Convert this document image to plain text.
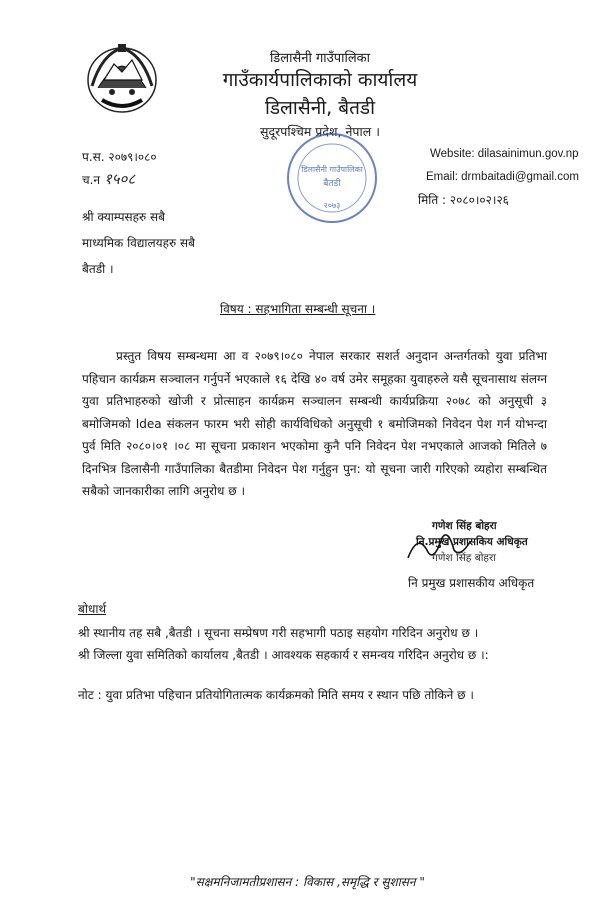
डिलासैनी गाउँपालिका
गाउँकार्यपालिकाको कार्यालय
डिलासैनी, बैतडी
सुदूरपश्चिम प्रदेश, नेपाल ।
प.स. २०७९।०८०
च.न १५०८
Website: dilasainimun.gov.np
Email: drmbaitadi@gmail.com
मिति : २०८०।०२।२६
डिलासैनी गाउँपालिका
बैतडी
२०७३
श्री क्याम्पसहरु सबै
माध्यमिक विद्यालयहरु सबै
बैतडी ।
विषय : सहभागिता सम्बन्धी सूचना ।
प्रस्तुत विषय सम्बन्धमा आ व २०७९।०८० नेपाल सरकार सशर्त अनुदान अन्तर्गतको युवा प्रतिभा पहिचान कार्यक्रम सञ्चालन गर्नुपर्ने भएकाले १६ देखि ४० वर्ष उमेर समूहका युवाहरुले यसै सूचनासाथ संलग्न युवा प्रतिभाहरुको खोजी र प्रोत्साहन कार्यक्रम सञ्चालन सम्बन्धी कार्यप्रक्रिया २०७८ को अनुसूची ३ बमोजिमको Idea संकलन फारम भरी सोही कार्यविधिको अनुसूची १ बमोजिमको निवेदन पेश गर्न योभन्दा पुर्व मिति २०८०।०१ ।०८ मा सूचना प्रकाशन भएकोमा कुनै पनि निवेदन पेश नभएकाले आजको मितिले ७ दिनभित्र डिलासैनी गाउँपालिका बैतडीमा निवेदन पेश गर्नुहुन पुन: यो सूचना जारी गरिएको व्यहोरा सम्बन्धित सबैको जानकारीका लागि अनुरोध छ ।
गणेश सिंह बोहरा
नि.प्रमुख प्रशासकिय अधिकृत
गणेश सिंह बोहरा
नि प्रमुख प्रशासकीय अधिकृत
बोधार्थ
श्री स्थानीय तह सबै ,बैतडी । सूचना सम्प्रेषण गरी सहभागी पठाइ सहयोग गरिदिन अनुरोध छ ।
श्री जिल्ला युवा समितिको कार्यालय ,बैतडी । आवश्यक सहकार्य र समन्वय गरिदिन अनुरोध छ ।:
नोट : युवा प्रतिभा पहिचान प्रतियोगितात्मक कार्यक्रमको मिति समय र स्थान पछि तोकिने छ ।
"सक्षमनिजामतीप्रशासन : विकास ,समृद्धि र सुशासन "
